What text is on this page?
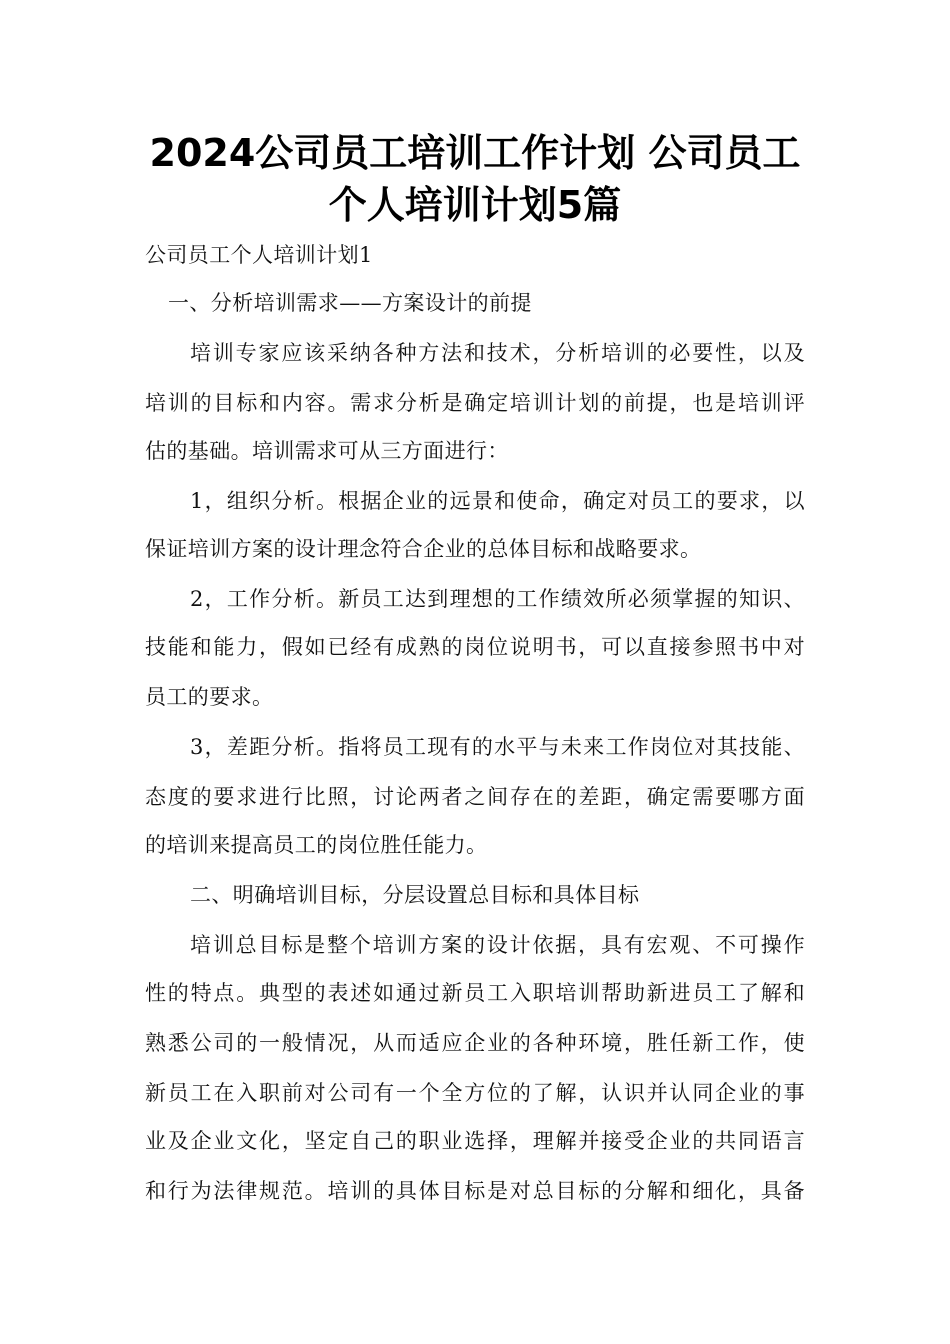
2024公司员工培训工作计划 公司员工
个人培训计划5篇
公司员工个人培训计划1
一、分析培训需求——方案设计的前提
培训专家应该采纳各种方法和技术，分析培训的必要性，以及
培训的目标和内容。需求分析是确定培训计划的前提，也是培训评
估的基础。培训需求可从三方面进行：
1，组织分析。根据企业的远景和使命，确定对员工的要求，以
保证培训方案的设计理念符合企业的总体目标和战略要求。
2，工作分析。新员工达到理想的工作绩效所必须掌握的知识、
技能和能力，假如已经有成熟的岗位说明书，可以直接参照书中对
员工的要求。
3，差距分析。指将员工现有的水平与未来工作岗位对其技能、
态度的要求进行比照，讨论两者之间存在的差距，确定需要哪方面
的培训来提高员工的岗位胜任能力。
二、明确培训目标，分层设置总目标和具体目标
培训总目标是整个培训方案的设计依据，具有宏观、不可操作
性的特点。典型的表述如通过新员工入职培训帮助新进员工了解和
熟悉公司的一般情况，从而适应企业的各种环境，胜任新工作，使
新员工在入职前对公司有一个全方位的了解，认识并认同企业的事
业及企业文化，坚定自己的职业选择，理解并接受企业的共同语言
和行为法律规范。培训的具体目标是对总目标的分解和细化，具备
